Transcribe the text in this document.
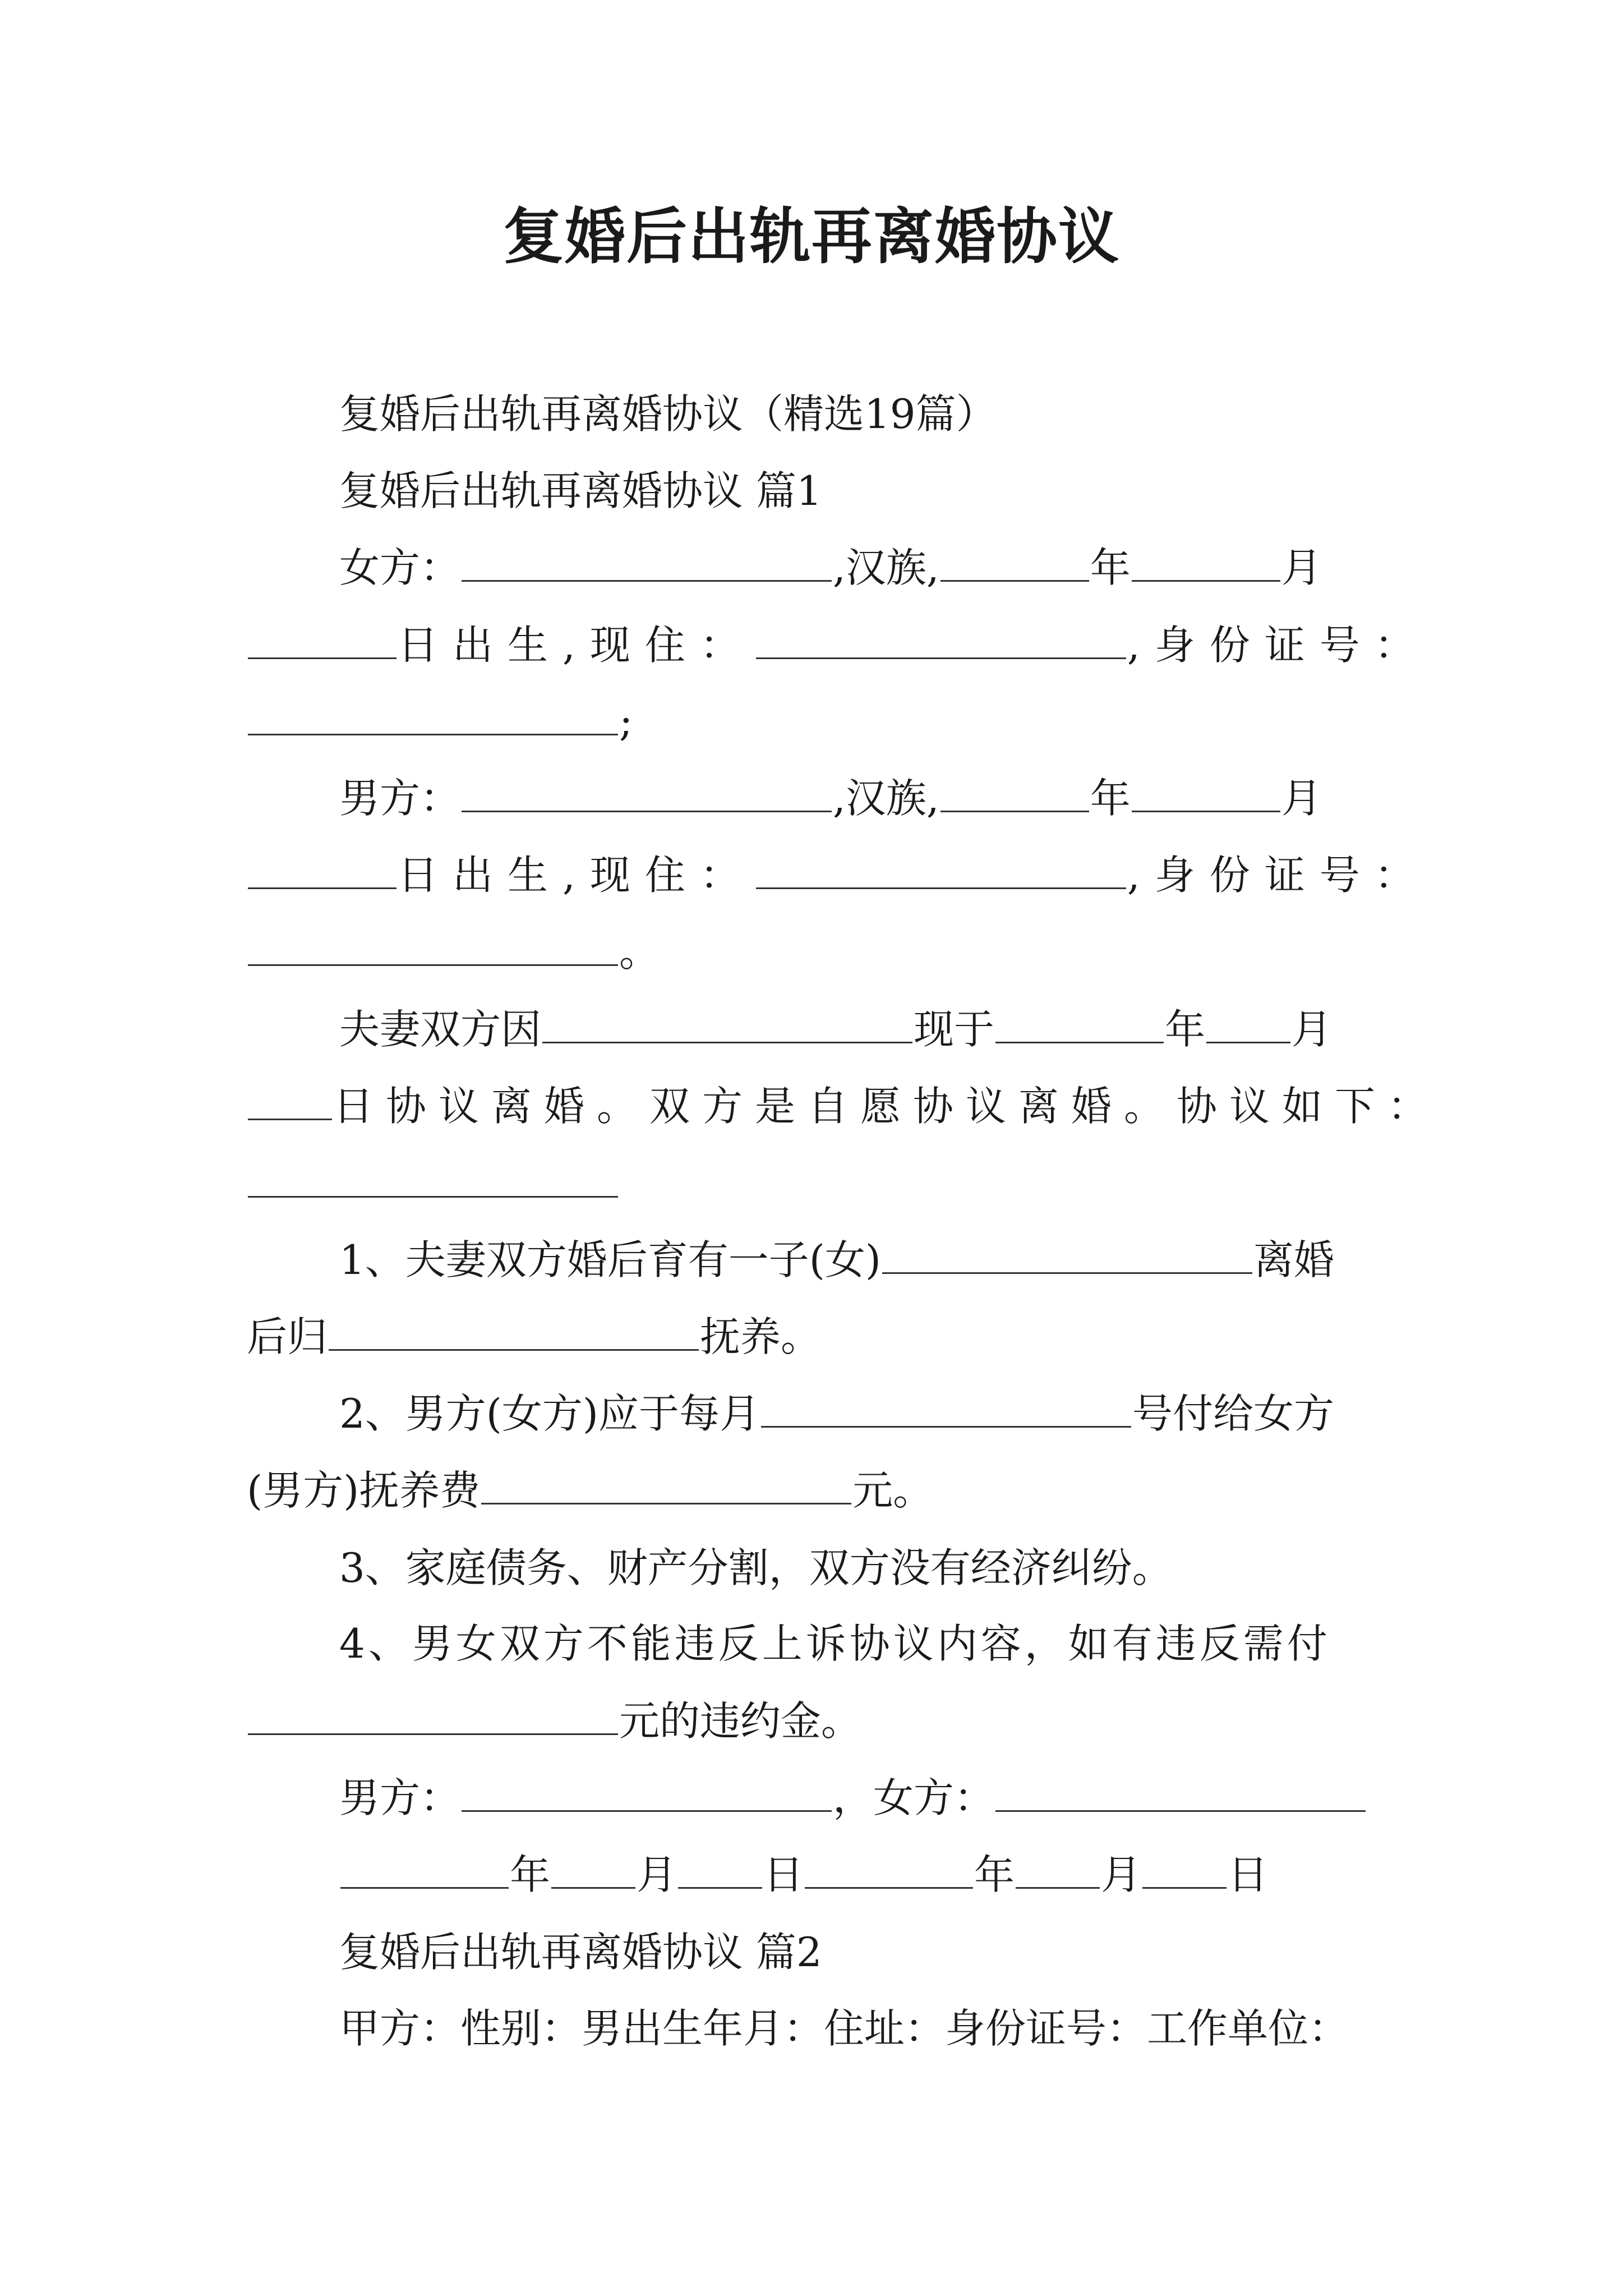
复婚后出轨再离婚协议
复婚后出轨再离婚协议（精选19篇）
复婚后出轨再离婚协议 篇1
女方：	,汉族,	年	月
日出生,现住：	,身份证号：
;
男方：	,汉族,	年	月
日出生,现住：	,身份证号：
。
夫妻双方因	现于	年 月
日协议离婚。双方是自愿协议离婚。协议如下：
1、夫妻双方婚后育有一子(女)	离婚
后归	抚养。
2、男方(女方)应于每月	号付给女方
(男方)抚养费	元。
3、家庭债务、财产分割，双方没有经济纠纷。
4、男女双方不能违反上诉协议内容，如有违反需付
元的违约金。
男方：	，女方：
年 月 日	年 月 日
复婚后出轨再离婚协议 篇2
甲方：性别：男出生年月：住址：身份证号：工作单位：
